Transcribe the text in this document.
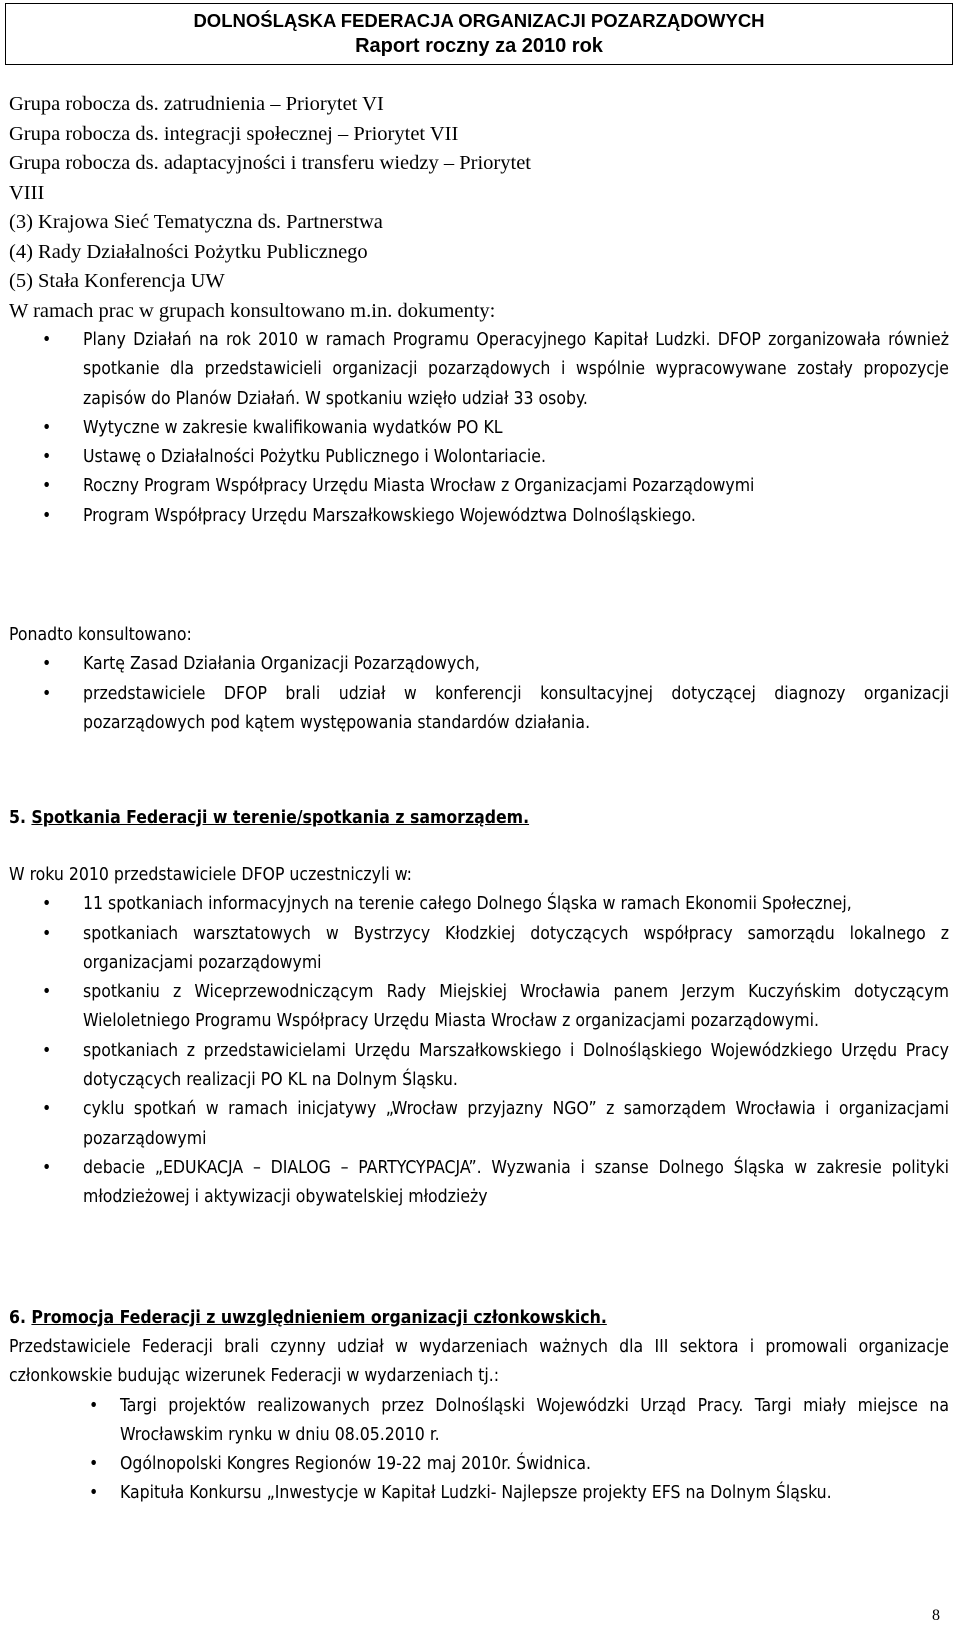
DOLNOŚLĄSKA FEDERACJA ORGANIZACJI POZARZĄDOWYCH
Raport roczny za 2010 rok
Grupa robocza ds. zatrudnienia – Priorytet VI
Grupa robocza ds. integracji społecznej – Priorytet VII
Grupa robocza ds. adaptacyjności i transferu wiedzy – Priorytet
VIII
(3) Krajowa Sieć Tematyczna ds. Partnerstwa
(4) Rady Działalności Pożytku Publicznego
(5) Stała Konferencja UW
W ramach prac w grupach konsultowano m.in. dokumenty:
• Plany Działań na rok 2010 w ramach Programu Operacyjnego Kapitał Ludzki. DFOP zorganizowała również spotkanie dla przedstawicieli organizacji pozarządowych i wspólnie wypracowywane zostały propozycje zapisów do Planów Działań. W spotkaniu wzięło udział 33 osoby.
• Wytyczne w zakresie kwalifikowania wydatków PO KL
• Ustawę o Działalności Pożytku Publicznego i Wolontariacie.
• Roczny Program Współpracy Urzędu Miasta Wrocław z Organizacjami Pozarządowymi
• Program Współpracy Urzędu Marszałkowskiego Województwa Dolnośląskiego.

Ponadto konsultowano:

• Kartę Zasad Działania Organizacji Pozarządowych,
• przedstawiciele DFOP brali udział w konferencji konsultacyjnej dotyczącej diagnozy organizacji pozarządowych pod kątem występowania standardów działania.
5. Spotkania Federacji w terenie/spotkania z samorządem.

W roku 2010 przedstawiciele DFOP uczestniczyli w:

• 11 spotkaniach informacyjnych na terenie całego Dolnego Śląska w ramach Ekonomii Społecznej,
• spotkaniach warsztatowych w Bystrzycy Kłodzkiej dotyczących współpracy samorządu lokalnego z organizacjami pozarządowymi
• spotkaniu z Wiceprzewodniczącym Rady Miejskiej Wrocławia panem Jerzym Kuczyńskim dotyczącym Wieloletniego Programu Współpracy Urzędu Miasta Wrocław z organizacjami pozarządowymi.
• spotkaniach z przedstawicielami Urzędu Marszałkowskiego i Dolnośląskiego Wojewódzkiego Urzędu Pracy dotyczących realizacji PO KL na Dolnym Śląsku.
• cyklu spotkań w ramach inicjatywy „Wrocław przyjazny NGO” z samorządem Wrocławia i organizacjami pozarządowymi
• debacie „EDUKACJA – DIALOG – PARTYCYPACJA”. Wyzwania i szanse Dolnego Śląska w zakresie polityki młodzieżowej i aktywizacji obywatelskiej młodzieży
6. Promocja Federacji z uwzględnieniem organizacji członkowskich.

Przedstawiciele Federacji brali czynny udział w wydarzeniach ważnych dla III sektora i promowali organizacje członkowskie budując wizerunek Federacji w wydarzeniach tj.:

• Targi projektów realizowanych przez Dolnośląski Wojewódzki Urząd Pracy. Targi miały miejsce na Wrocławskim rynku w dniu 08.05.2010 r.
• Ogólnopolski Kongres Regionów 19-22 maj 2010r. Świdnica.
• Kapituła Konkursu „Inwestycje w Kapitał Ludzki- Najlepsze projekty EFS na Dolnym Śląsku.
8
